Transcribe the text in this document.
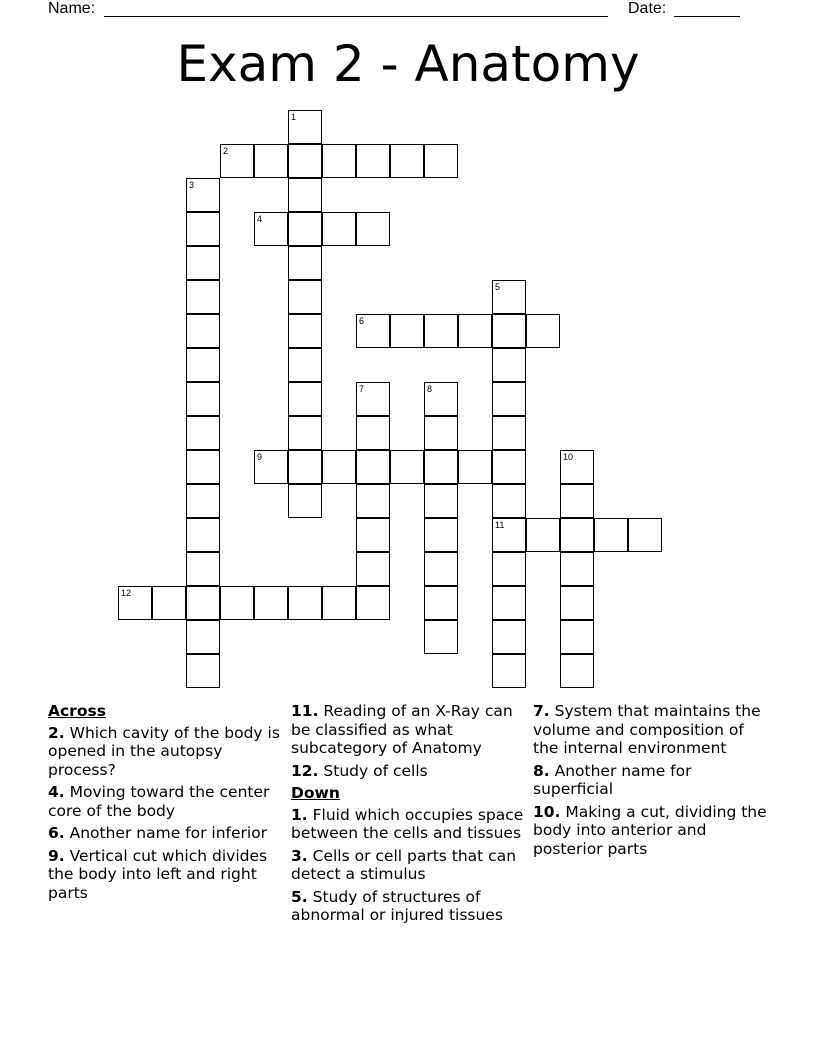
Name:	Date:
Exam 2 - Anatomy
1
2
3
4
5
11
6
7	8
9	10
12
Across
2. Which cavity of the body is opened in the autopsy process?
4. Moving toward the center core of the body
6. Another name for inferior
9. Vertical cut which divides the body into left and right parts
11. Reading of an X-Ray can be classified as what subcategory of Anatomy
12. Study of cells
Down
1. Fluid which occupies space between the cells and tissues
3. Cells or cell parts that can detect a stimulus
5. Study of structures of abnormal or injured tissues
7. System that maintains the volume and composition of the internal environment
8. Another name for superficial
10. Making a cut, dividing the body into anterior and posterior parts
